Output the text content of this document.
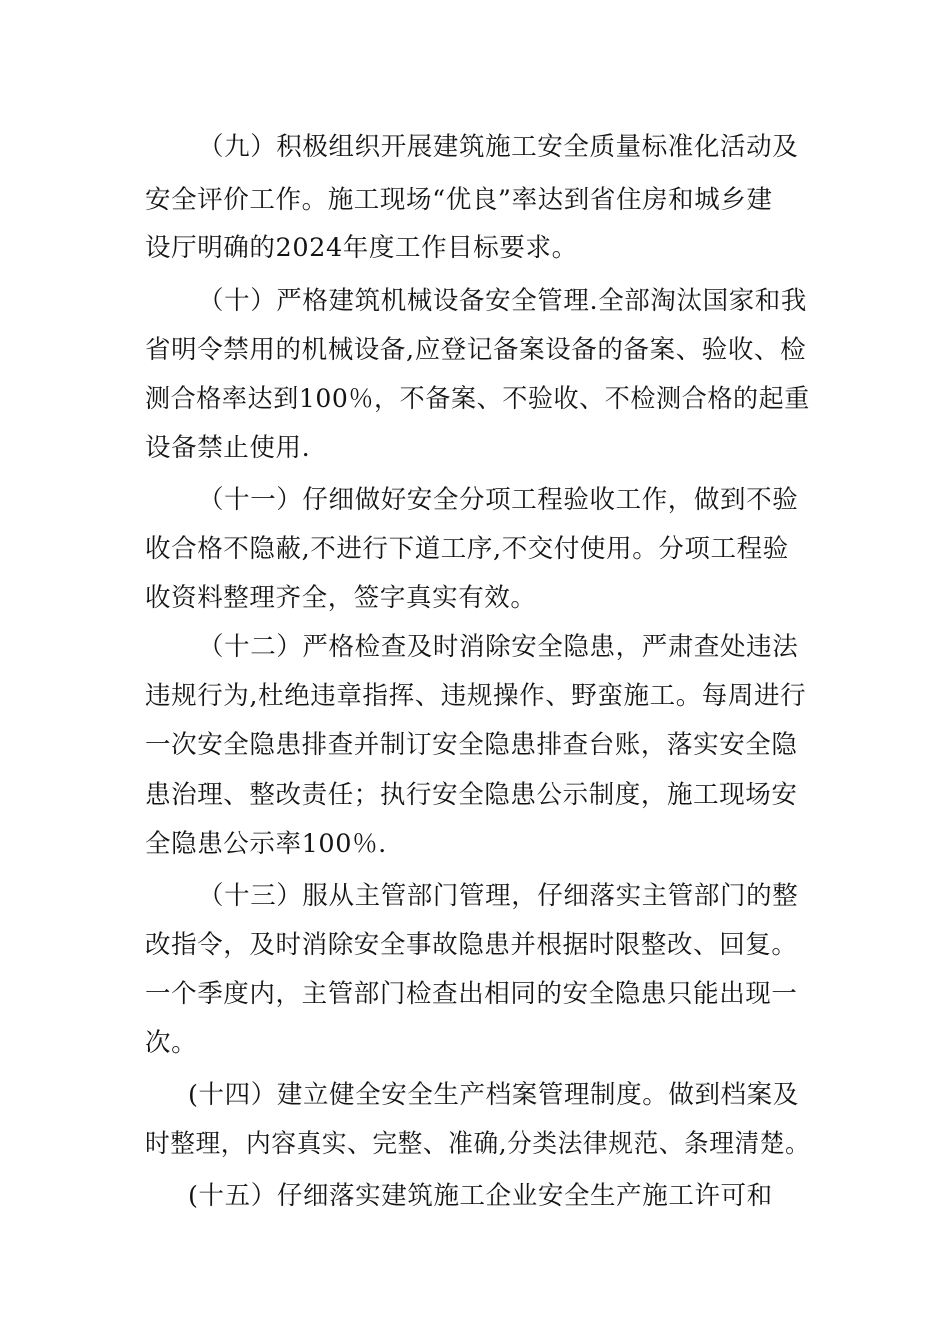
（九）积极组织开展建筑施工安全质量标准化活动及
安全评价工作。施工现场“优良”率达到省住房和城乡建
设厅明确的2024年度工作目标要求。
（十）严格建筑机械设备安全管理.全部淘汰国家和我
省明令禁用的机械设备,应登记备案设备的备案、验收、检
测合格率达到100％，不备案、不验收、不检测合格的起重
设备禁止使用.
（十一）仔细做好安全分项工程验收工作，做到不验
收合格不隐蔽,不进行下道工序,不交付使用。分项工程验
收资料整理齐全，签字真实有效。
（十二）严格检查及时消除安全隐患，严肃查处违法
违规行为,杜绝违章指挥、违规操作、野蛮施工。每周进行
一次安全隐患排查并制订安全隐患排查台账，落实安全隐
患治理、整改责任；执行安全隐患公示制度，施工现场安
全隐患公示率100％.
（十三）服从主管部门管理，仔细落实主管部门的整
改指令，及时消除安全事故隐患并根据时限整改、回复。
一个季度内，主管部门检查出相同的安全隐患只能出现一
次。
(十四）建立健全安全生产档案管理制度。做到档案及
时整理，内容真实、完整、准确,分类法律规范、条理清楚。
(十五）仔细落实建筑施工企业安全生产施工许可和
